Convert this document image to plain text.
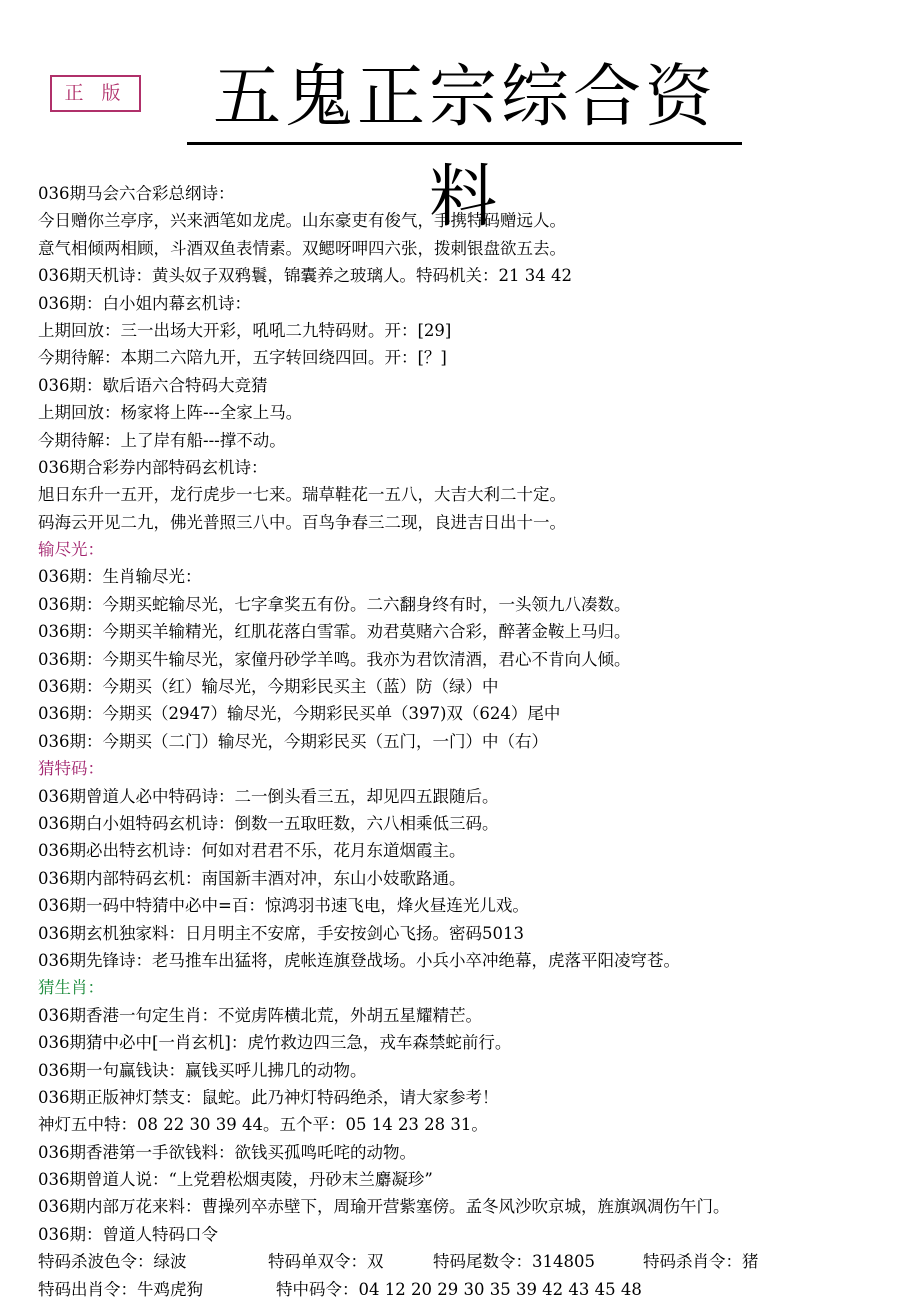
正 版	五鬼正宗综合资料
036期马会六合彩总纲诗：
今日赠你兰亭序，兴来洒笔如龙虎。山东豪吏有俊气，手携特码赠远人。
意气相倾两相顾，斗酒双鱼表情素。双鳃呀呷四六张，拨刺银盘欲五去。
036期天机诗：黄头奴子双鸦鬟，锦囊养之玻璃人。特码机关：21 34 42
036期：白小姐内幕玄机诗：
上期回放：三一出场大开彩，吼吼二九特码财。开：[29]
今期待解：本期二六陪九开，五字转回绕四回。开：[？]
036期：歇后语六合特码大竞猜
上期回放：杨家将上阵---全家上马。
今期待解：上了岸有船---撑不动。
036期合彩券内部特码玄机诗：
旭日东升一五开，龙行虎步一七来。瑞草鞋花一五八，大吉大利二十定。
码海云开见二九，佛光普照三八中。百鸟争春三二现，良进吉日出十一。
输尽光：
036期：生肖输尽光：
036期：今期买蛇输尽光，七字拿奖五有份。二六翻身终有时，一头领九八凑数。
036期：今期买羊输精光，红肌花落白雪霏。劝君莫赌六合彩，醉著金鞍上马归。
036期：今期买牛输尽光，家僮丹砂学羊鸣。我亦为君饮清酒，君心不肯向人倾。
036期：今期买（红）输尽光，今期彩民买主（蓝）防（绿）中
036期：今期买（2947）输尽光，今期彩民买单（397)双（624）尾中
036期：今期买（二门）输尽光，今期彩民买（五门，一门）中（右）
猜特码：
036期曾道人必中特码诗：二一倒头看三五，却见四五跟随后。
036期白小姐特码玄机诗：倒数一五取旺数，六八相乘低三码。
036期必出特玄机诗：何如对君君不乐，花月东道烟霞主。
036期内部特码玄机：南国新丰酒对冲，东山小妓歌路通。
036期一码中特猜中必中=百：惊鸿羽书速飞电，烽火昼连光儿戏。
036期玄机独家料：日月明主不安席，手安按剑心飞扬。密码5013
036期先锋诗：老马推车出猛将，虎帐连旗登战场。小兵小卒冲绝幕，虎落平阳凌穹苍。
猜生肖：
036期香港一句定生肖：不觉虏阵横北荒，外胡五星耀精芒。
036期猜中必中[一肖玄机]：虎竹救边四三急，戎车森禁蛇前行。
036期一句赢钱诀：赢钱买呼儿拂几的动物。
036期正版神灯禁支：鼠蛇。此乃神灯特码绝杀，请大家参考！
神灯五中特：08 22 30 39 44。五个平：05 14 23 28 31。
036期香港第一手欲钱料：欲钱买孤鸣吒咤的动物。
036期曾道人说：“上党碧松烟夷陵，丹砂末兰麝凝珍”
036期内部万花来料：曹操列卒赤壁下，周瑜开营紫塞傍。孟冬风沙吹京城，旌旗飒凋伤午门。
036期：曾道人特码口令
特码杀波色令：绿波	特码单双令：双	特码尾数令：314805	特码杀肖令：猪
特码出肖令：牛鸡虎狗	特中码令：04 12 20 29 30 35 39 42 43 45 48
